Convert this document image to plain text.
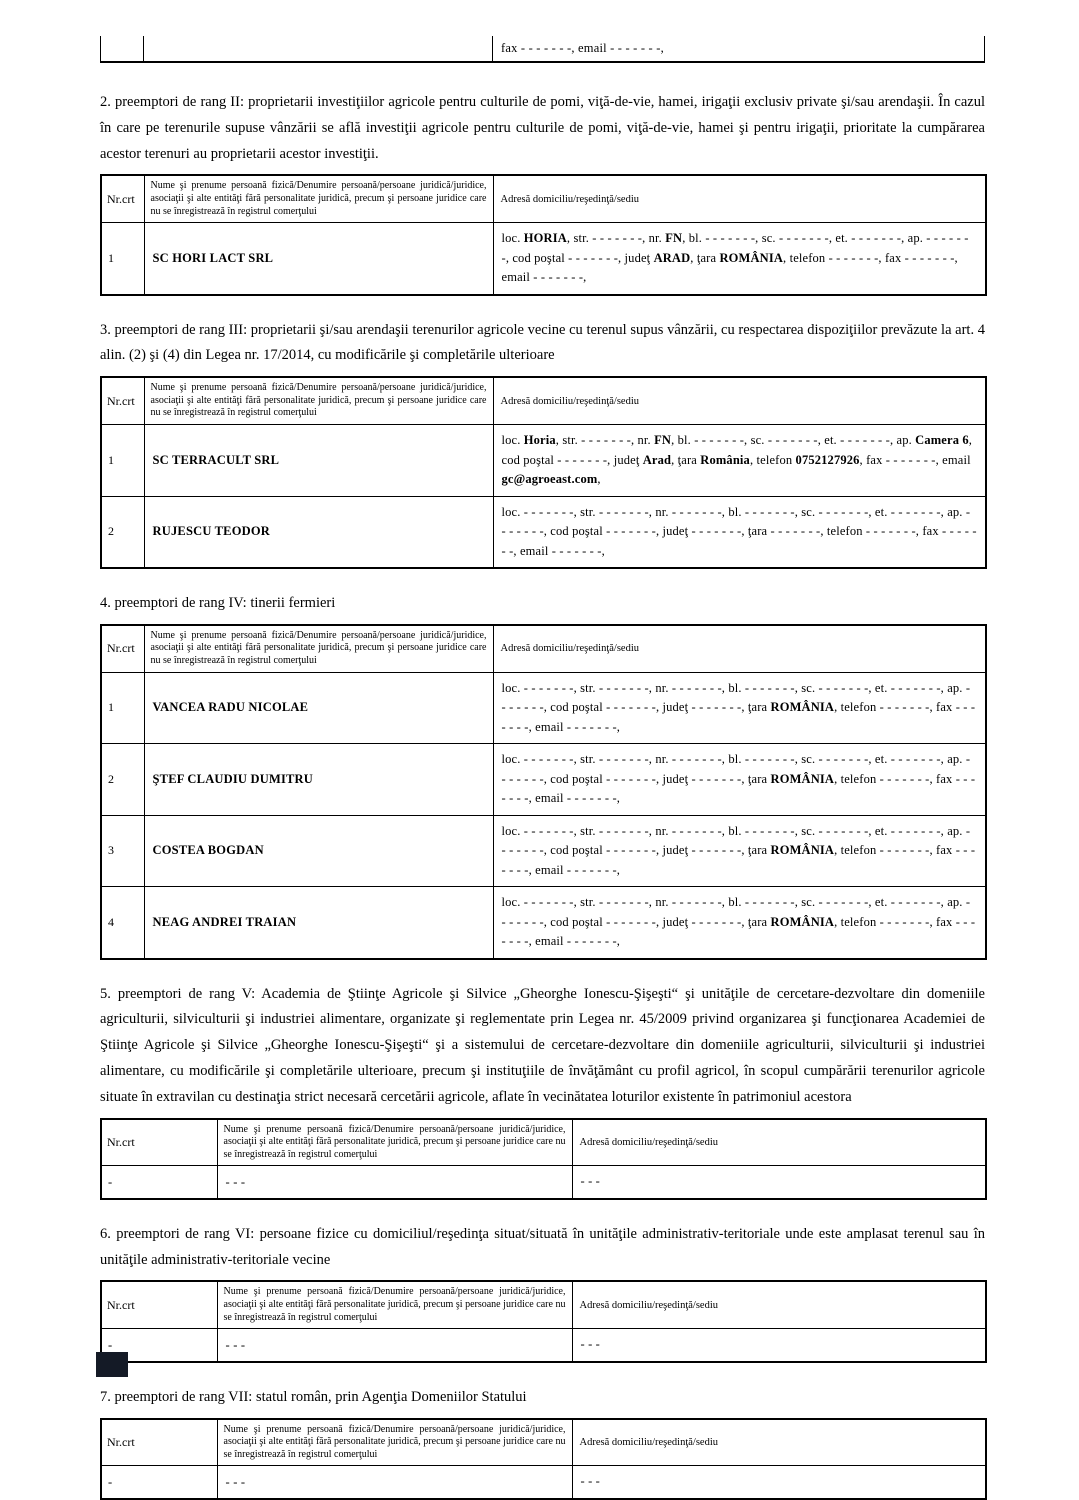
fax - - - - - - -, email - - - - - - -,

2. preemptori de rang II: proprietarii investiţiilor agricole pentru culturile de pomi, viţă-de-vie, hamei, irigaţii exclusiv private şi/sau arendaşii. În cazul în care pe terenurile supuse vânzării se află investiţii agricole pentru culturile de pomi, viţă-de-vie, hamei şi pentru irigaţii, prioritate la cumpărarea acestor terenuri au proprietarii acestor investiţii.

Nr.crt	Nume şi prenume persoană fizică/Denumire persoană/persoane juridică/juridice, asociaţii şi alte entităţi fără personalitate juridică, precum şi persoane juridice care nu se înregistrează în registrul comerţului	Adresă domiciliu/reşedinţă/sediu
1	SC HORI LACT SRL	loc. HORIA, str. - - - - - - -, nr. FN, bl. - - - - - - -, sc. - - - - - - -, et. - - - - - - -, ap. - - - - - - -, cod poştal - - - - - - -, judeţ ARAD, ţara ROMÂNIA, telefon - - - - - - -, fax - - - - - - -, email - - - - - - -,

3. preemptori de rang III: proprietarii şi/sau arendaşii terenurilor agricole vecine cu terenul supus vânzării, cu respectarea dispoziţiilor prevăzute la art. 4 alin. (2) şi (4) din Legea nr. 17/2014, cu modificările şi completările ulterioare

Nr.crt	Nume şi prenume persoană fizică/Denumire persoană/persoane juridică/juridice, asociaţii şi alte entităţi fără personalitate juridică, precum şi persoane juridice care nu se înregistrează în registrul comerţului	Adresă domiciliu/reşedinţă/sediu
1	SC TERRACULT SRL	loc. Horia, str. - - - - - - -, nr. FN, bl. - - - - - - -, sc. - - - - - - -, et. - - - - - - -, ap. Camera 6, cod poştal - - - - - - -, judeţ Arad, ţara România, telefon 0752127926, fax - - - - - - -, email gc@agroeast.com,
2	RUJESCU TEODOR	loc. - - - - - - -, str. - - - - - - -, nr. - - - - - - -, bl. - - - - - - -, sc. - - - - - - -, et. - - - - - - -, ap. - - - - - - -, cod poştal - - - - - - -, judeţ - - - - - - -, ţara - - - - - - -, telefon - - - - - - -, fax - - - - - - -, email - - - - - - -,

4. preemptori de rang IV: tinerii fermieri

Nr.crt	Nume şi prenume persoană fizică/Denumire persoană/persoane juridică/juridice, asociaţii şi alte entităţi fără personalitate juridică, precum şi persoane juridice care nu se înregistrează în registrul comerţului	Adresă domiciliu/reşedinţă/sediu
1	VANCEA RADU NICOLAE	loc. - - - - - - -, str. - - - - - - -, nr. - - - - - - -, bl. - - - - - - -, sc. - - - - - - -, et. - - - - - - -, ap. - - - - - - -, cod poştal - - - - - - -, judeţ - - - - - - -, ţara ROMÂNIA, telefon - - - - - - -, fax - - - - - - -, email - - - - - - -,
2	ŞTEF CLAUDIU DUMITRU	loc. - - - - - - -, str. - - - - - - -, nr. - - - - - - -, bl. - - - - - - -, sc. - - - - - - -, et. - - - - - - -, ap. - - - - - - -, cod poştal - - - - - - -, judeţ - - - - - - -, ţara ROMÂNIA, telefon - - - - - - -, fax - - - - - - -, email - - - - - - -,
3	COSTEA BOGDAN	loc. - - - - - - -, str. - - - - - - -, nr. - - - - - - -, bl. - - - - - - -, sc. - - - - - - -, et. - - - - - - -, ap. - - - - - - -, cod poştal - - - - - - -, judeţ - - - - - - -, ţara ROMÂNIA, telefon - - - - - - -, fax - - - - - - -, email - - - - - - -,
4	NEAG ANDREI TRAIAN	loc. - - - - - - -, str. - - - - - - -, nr. - - - - - - -, bl. - - - - - - -, sc. - - - - - - -, et. - - - - - - -, ap. - - - - - - -, cod poştal - - - - - - -, judeţ - - - - - - -, ţara ROMÂNIA, telefon - - - - - - -, fax - - - - - - -, email - - - - - - -,

5. preemptori de rang V: Academia de Ştiinţe Agricole şi Silvice „Gheorghe Ionescu-Şişeşti“ şi unităţile de cercetare-dezvoltare din domeniile agriculturii, silviculturii şi industriei alimentare, organizate şi reglementate prin Legea nr. 45/2009 privind organizarea şi funcţionarea Academiei de Ştiinţe Agricole şi Silvice „Gheorghe Ionescu-Şişeşti“ şi a sistemului de cercetare-dezvoltare din domeniile agriculturii, silviculturii şi industriei alimentare, cu modificările şi completările ulterioare, precum şi instituţiile de învăţământ cu profil agricol, în scopul cumpărării terenurilor agricole situate în extravilan cu destinaţia strict necesară cercetării agricole, aflate în vecinătatea loturilor existente în patrimoniul acestora

Nr.crt	Nume şi prenume persoană fizică/Denumire persoană/persoane juridică/juridice, asociaţii şi alte entităţi fără personalitate juridică, precum şi persoane juridice care nu se înregistrează în registrul comerţului	Adresă domiciliu/reşedinţă/sediu
-	- - -	- - -

6. preemptori de rang VI: persoane fizice cu domiciliul/reşedinţa situat/situată în unităţile administrativ-teritoriale unde este amplasat terenul sau în unităţile administrativ-teritoriale vecine

Nr.crt	Nume şi prenume persoană fizică/Denumire persoană/persoane juridică/juridice, asociaţii şi alte entităţi fără personalitate juridică, precum şi persoane juridice care nu se înregistrează în registrul comerţului	Adresă domiciliu/reşedinţă/sediu
-	- - -	- - -

7. preemptori de rang VII: statul român, prin Agenţia Domeniilor Statului

Nr.crt	Nume şi prenume persoană fizică/Denumire persoană/persoane juridică/juridice, asociaţii şi alte entităţi fără personalitate juridică, precum şi persoane juridice care nu se înregistrează în registrul comerţului	Adresă domiciliu/reşedinţă/sediu
-	- - -	- - -
